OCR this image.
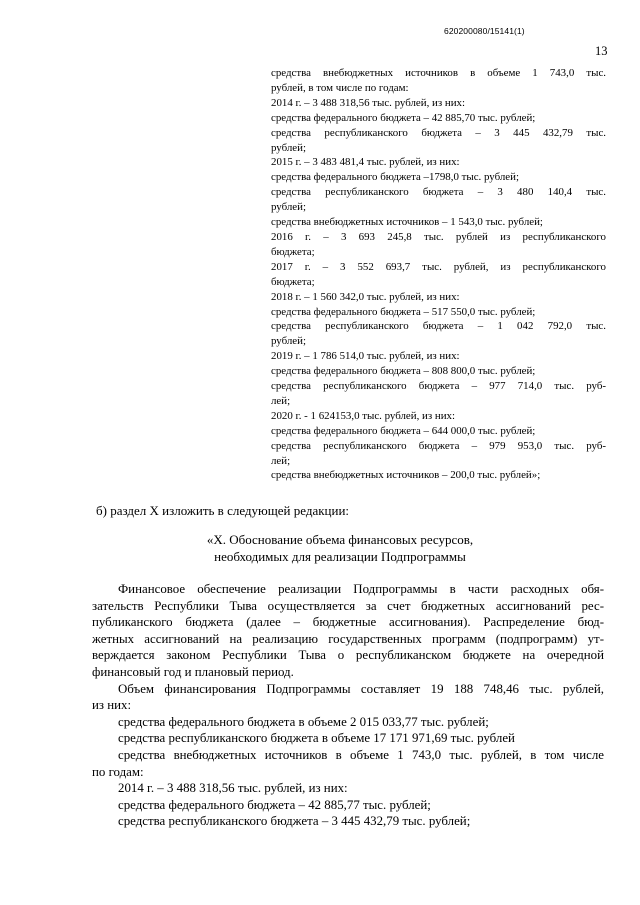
620200080/15141(1)
13
средства внебюджетных источников в объеме 1 743,0 тыс.
рублей, в том числе по годам:
2014 г. – 3 488 318,56 тыс. рублей, из них:
средства федерального бюджета – 42 885,70 тыс. рублей;
средства республиканского бюджета – 3 445 432,79 тыс.
рублей;
2015 г. – 3 483 481,4 тыс. рублей, из них:
средства федерального бюджета –1798,0 тыс. рублей;
средства республиканского бюджета – 3 480 140,4 тыс.
рублей;
средства внебюджетных источников – 1 543,0 тыс. рублей;
2016 г. – 3 693 245,8 тыс. рублей из республиканского
бюджета;
2017 г. – 3 552 693,7 тыс. рублей, из республиканского
бюджета;
2018 г. – 1 560 342,0 тыс. рублей, из них:
средства федерального бюджета – 517 550,0 тыс. рублей;
средства республиканского бюджета – 1 042 792,0 тыс.
рублей;
2019 г. – 1 786 514,0 тыс. рублей, из них:
средства федерального бюджета – 808 800,0 тыс. рублей;
средства республиканского бюджета – 977 714,0 тыс. руб-
лей;
2020 г. - 1 624153,0 тыс. рублей, из них:
средства федерального бюджета – 644 000,0 тыс. рублей;
средства республиканского бюджета – 979 953,0 тыс. руб-
лей;
средства внебюджетных источников – 200,0 тыс. рублей»;
б) раздел X изложить в следующей редакции:
«X. Обоснование объема финансовых ресурсов,
необходимых для реализации Подпрограммы
Финансовое обеспечение реализации Подпрограммы в части расходных обя-
зательств Республики Тыва осуществляется за счет бюджетных ассигнований рес-
публиканского бюджета (далее – бюджетные ассигнования). Распределение бюд-
жетных ассигнований на реализацию государственных программ (подпрограмм) ут-
верждается законом Республики Тыва о республиканском бюджете на очередной
финансовый год и плановый период.
Объем финансирования Подпрограммы составляет 19 188 748,46 тыс. рублей,
из них:
средства федерального бюджета в объеме 2 015 033,77 тыс. рублей;
средства республиканского бюджета в объеме 17 171 971,69 тыс. рублей
средства внебюджетных источников в объеме 1 743,0 тыс. рублей, в том числе
по годам:
2014 г. – 3 488 318,56 тыс. рублей, из них:
средства федерального бюджета – 42 885,77 тыс. рублей;
средства республиканского бюджета – 3 445 432,79 тыс. рублей;
